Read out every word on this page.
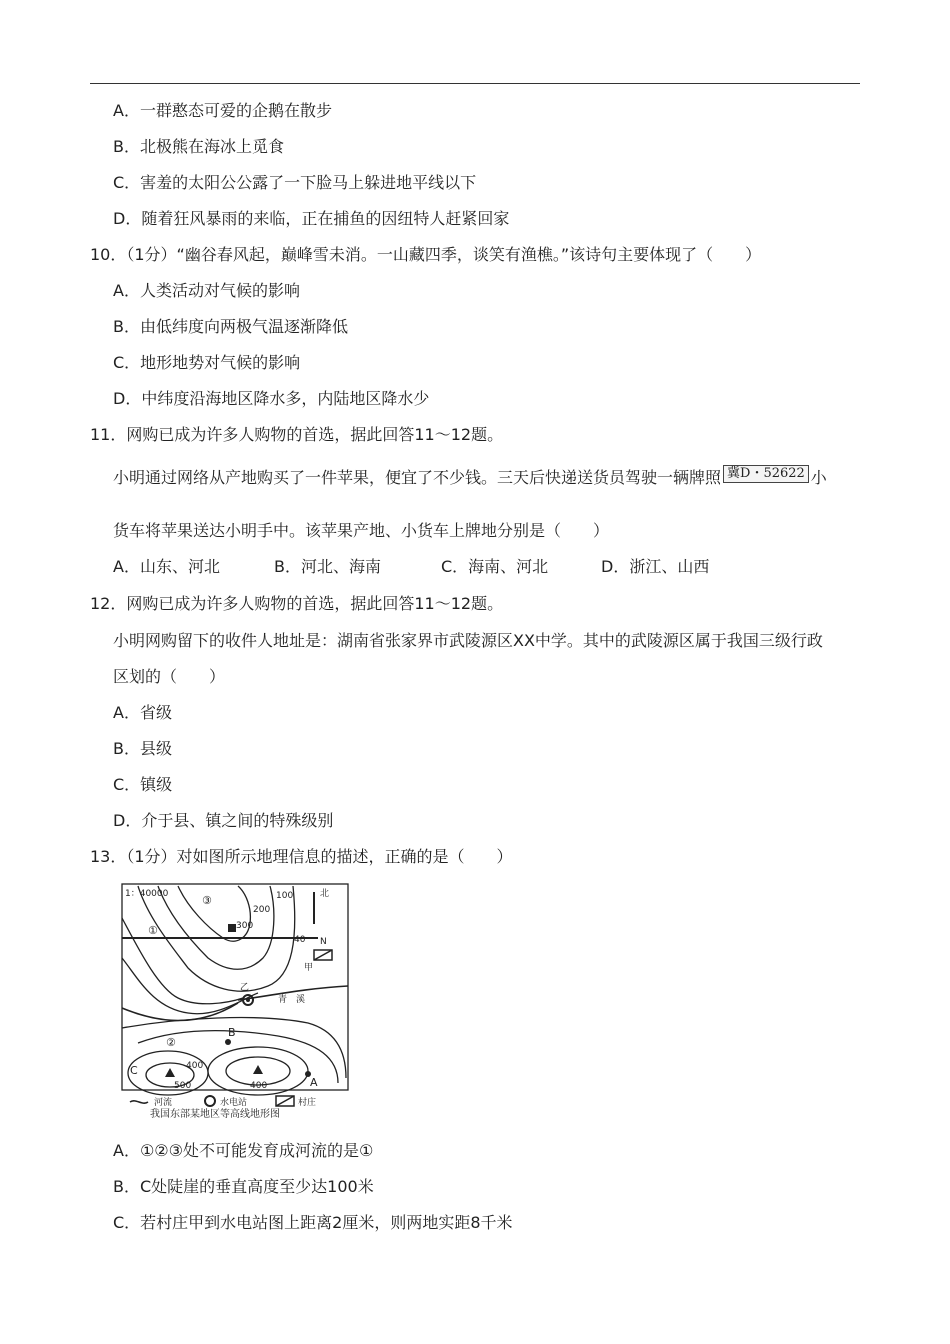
A．一群憨态可爱的企鹅在散步
B．北极熊在海冰上觅食
C．害羞的太阳公公露了一下脸马上躲进地平线以下
D．随着狂风暴雨的来临，正在捕鱼的因纽特人赶紧回家
10．（1分）“幽谷春风起，巅峰雪未消。一山藏四季，谈笑有渔樵。”该诗句主要体现了（　　）
A．人类活动对气候的影响
B．由低纬度向两极气温逐渐降低
C．地形地势对气候的影响
D．中纬度沿海地区降水多，内陆地区降水少
11．网购已成为许多人购物的首选，据此回答11～12题。
小明通过网络从产地购买了一件苹果，便宜了不少钱。三天后快递送货员驾驶一辆牌照 冀D・52622 小
货车将苹果送达小明手中。该苹果产地、小货车上牌地分别是（　　）
A．山东、河北	B．河北、海南	C．海南、河北	D．浙江、山西
12．网购已成为许多人购物的首选，据此回答11～12题。
小明网购留下的收件人地址是：湖南省张家界市武陵源区XX中学。其中的武陵源区属于我国三级行政
区划的（　　）
A．省级
B．县级
C．镇级
D．介于县、镇之间的特殊级别
13．（1分）对如图所示地理信息的描述，正确的是（　　）
1：40000	北
N
100
200
300
40
400
400
500
①
②
③
A
B
C
甲
乙
青　溪
河流	水电站	村庄
我国东部某地区等高线地形图
A．①②③处不可能发育成河流的是①
B．C处陡崖的垂直高度至少达100米
C．若村庄甲到水电站图上距离2厘米，则两地实距8千米
